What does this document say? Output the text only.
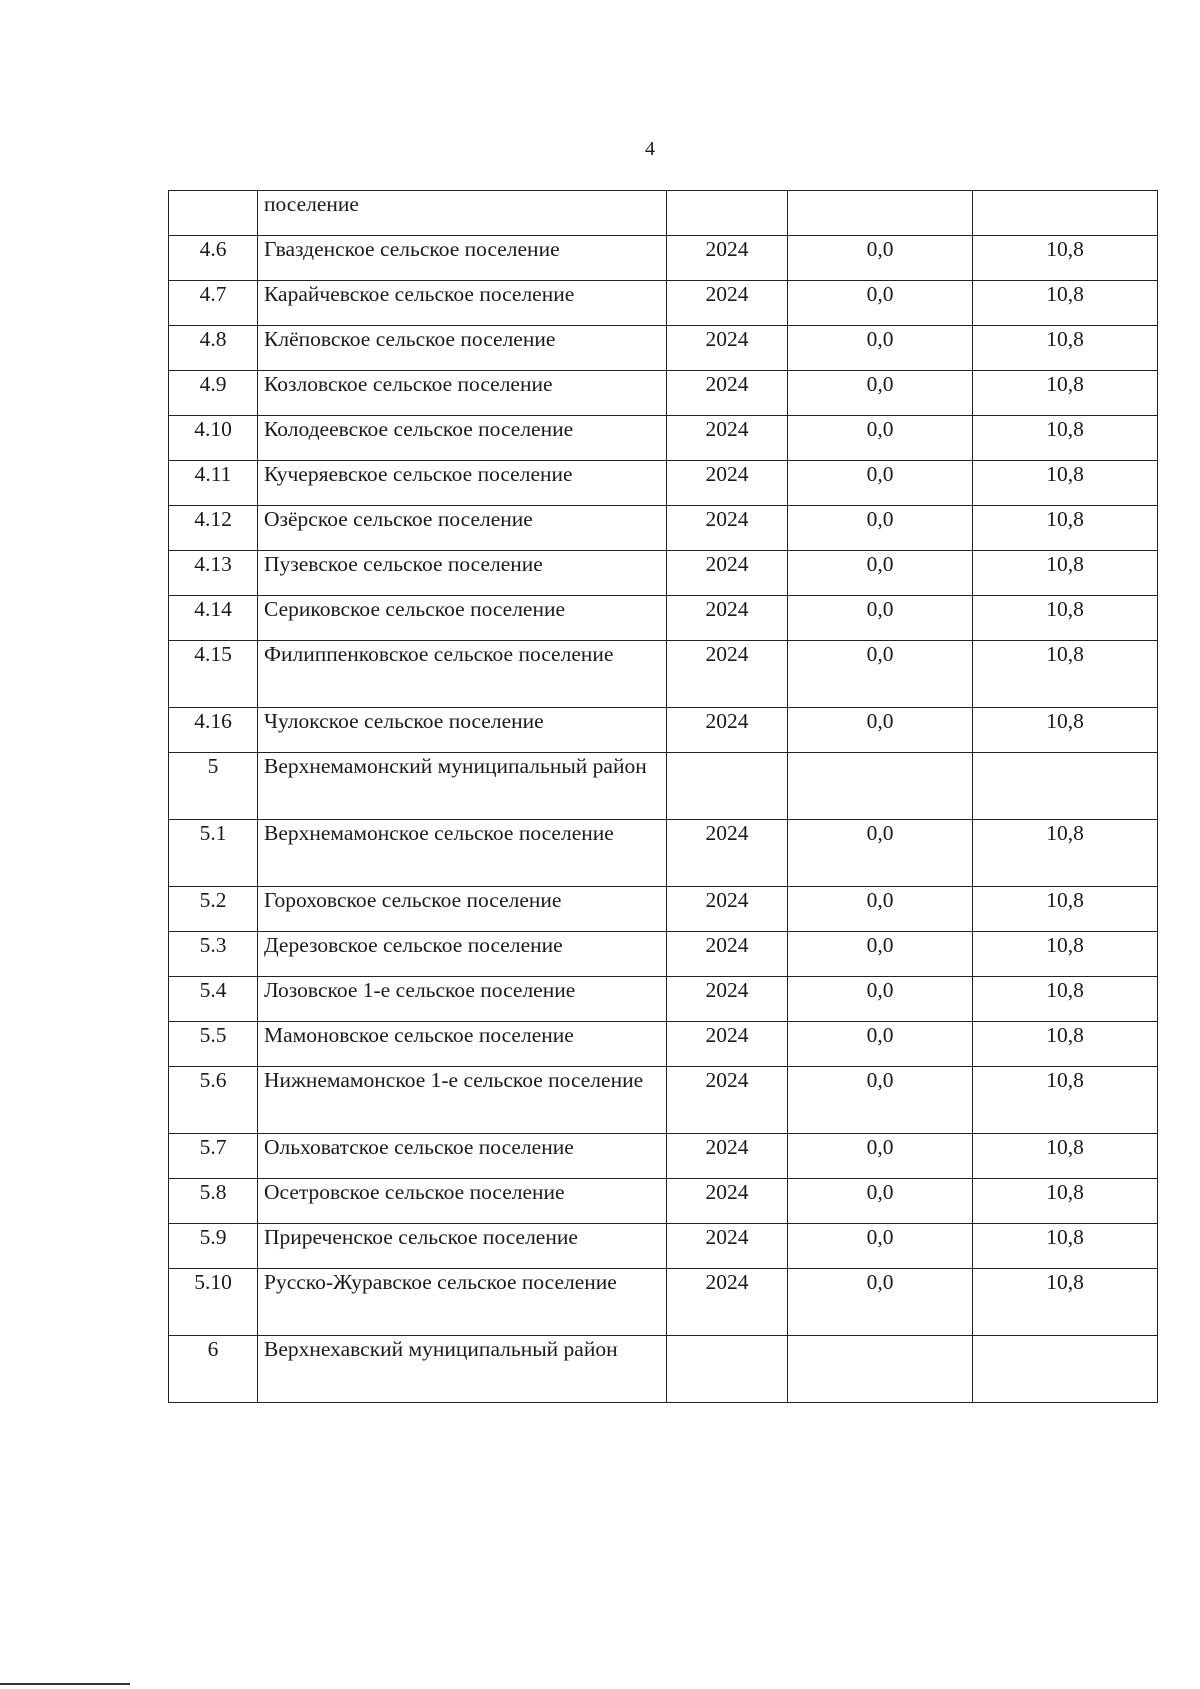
4
	поселение			
4.6	Гвазденское сельское поселение	2024	0,0	10,8
4.7	Карайчевское сельское поселение	2024	0,0	10,8
4.8	Клёповское сельское поселение	2024	0,0	10,8
4.9	Козловское сельское поселение	2024	0,0	10,8
4.10	Колодеевское сельское поселение	2024	0,0	10,8
4.11	Кучеряевское сельское поселение	2024	0,0	10,8
4.12	Озёрское сельское поселение	2024	0,0	10,8
4.13	Пузевское сельское поселение	2024	0,0	10,8
4.14	Сериковское сельское поселение	2024	0,0	10,8
4.15	Филиппенковское сельское поселение	2024	0,0	10,8
4.16	Чулокское сельское поселение	2024	0,0	10,8
5	Верхнемамонский муниципальный район			
5.1	Верхнемамонское сельское поселение	2024	0,0	10,8
5.2	Гороховское сельское поселение	2024	0,0	10,8
5.3	Дерезовское сельское поселение	2024	0,0	10,8
5.4	Лозовское 1-е сельское поселение	2024	0,0	10,8
5.5	Мамоновское сельское поселение	2024	0,0	10,8
5.6	Нижнемамонское 1-е сельское поселение	2024	0,0	10,8
5.7	Ольховатское сельское поселение	2024	0,0	10,8
5.8	Осетровское сельское поселение	2024	0,0	10,8
5.9	Приреченское сельское поселение	2024	0,0	10,8
5.10	Русско-Журавское сельское поселение	2024	0,0	10,8
6	Верхнехавский муниципальный район			
